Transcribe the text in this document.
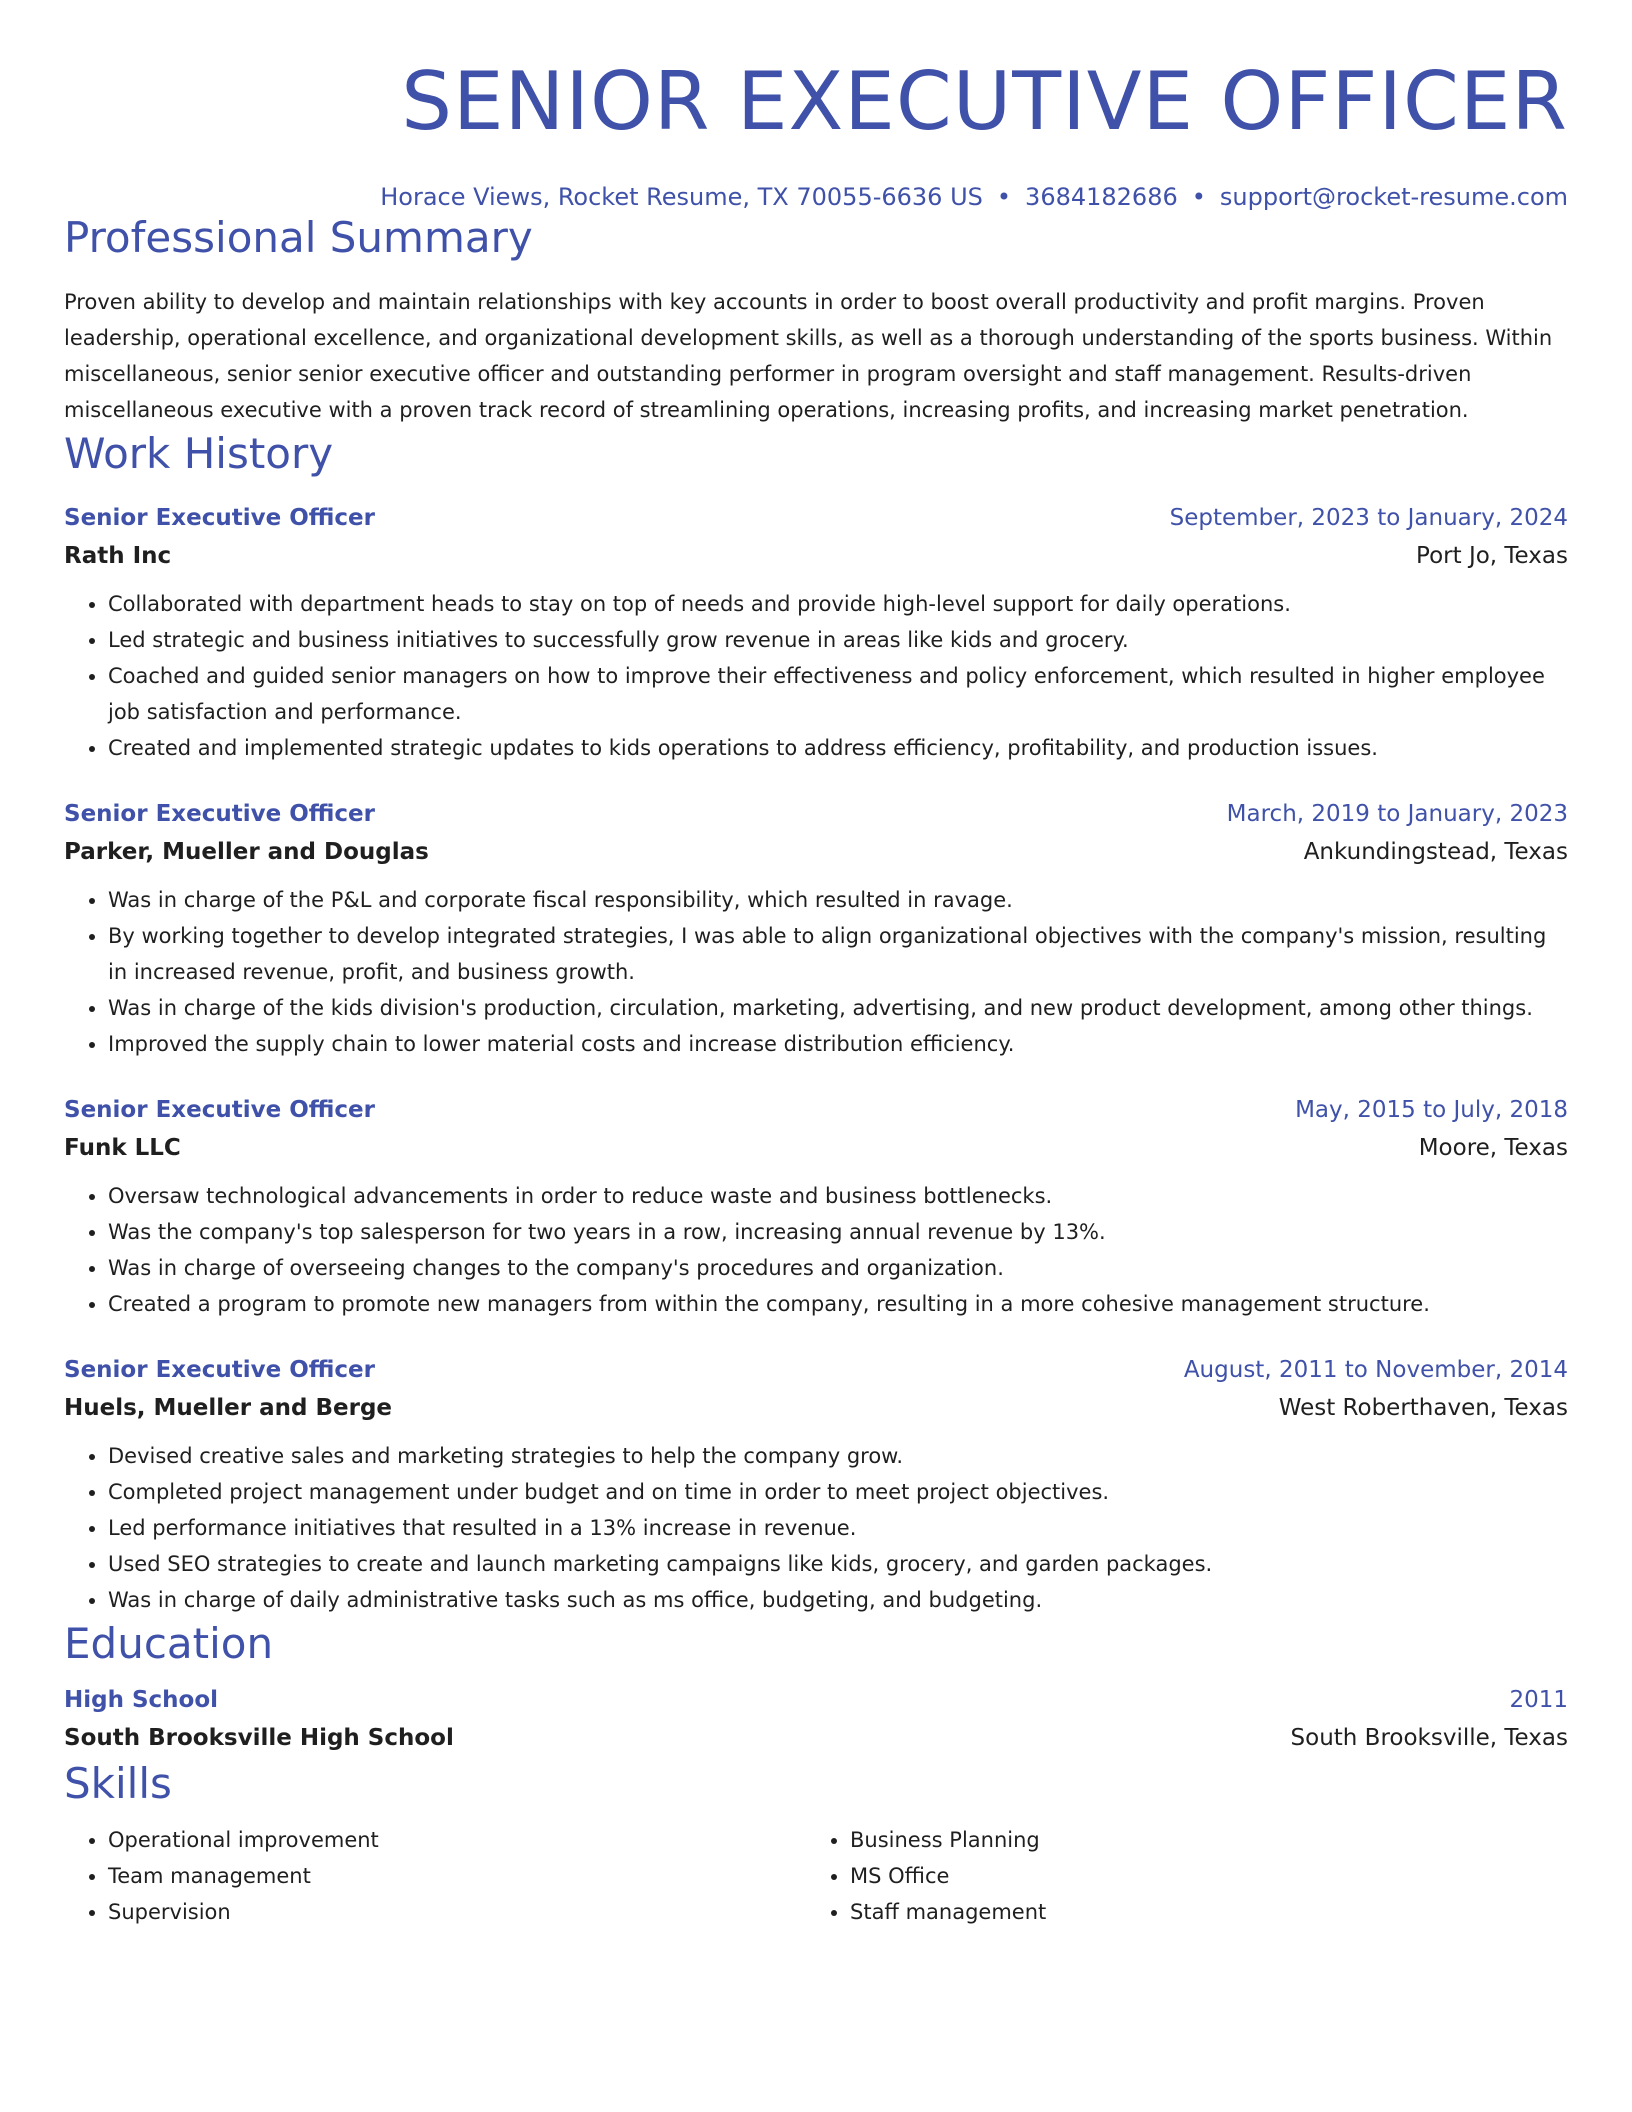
SENIOR EXECUTIVE OFFICER
Horace Views, Rocket Resume, TX 70055-6636 US • 3684182686 • support@rocket-resume.com
Professional Summary
Proven ability to develop and maintain relationships with key accounts in order to boost overall productivity and profit margins. Proven leadership, operational excellence, and organizational development skills, as well as a thorough understanding of the sports business. Within miscellaneous, senior senior executive officer and outstanding performer in program oversight and staff management. Results-driven miscellaneous executive with a proven track record of streamlining operations, increasing profits, and increasing market penetration.
Work History
Senior Executive Officer	September, 2023 to January, 2024
Rath Inc	Port Jo, Texas
• Collaborated with department heads to stay on top of needs and provide high-level support for daily operations.
• Led strategic and business initiatives to successfully grow revenue in areas like kids and grocery.
• Coached and guided senior managers on how to improve their effectiveness and policy enforcement, which resulted in higher employee job satisfaction and performance.
• Created and implemented strategic updates to kids operations to address efficiency, profitability, and production issues.
Senior Executive Officer	March, 2019 to January, 2023
Parker, Mueller and Douglas	Ankundingstead, Texas
• Was in charge of the P&L and corporate fiscal responsibility, which resulted in ravage.
• By working together to develop integrated strategies, I was able to align organizational objectives with the company's mission, resulting in increased revenue, profit, and business growth.
• Was in charge of the kids division's production, circulation, marketing, advertising, and new product development, among other things.
• Improved the supply chain to lower material costs and increase distribution efficiency.
Senior Executive Officer	May, 2015 to July, 2018
Funk LLC	Moore, Texas
• Oversaw technological advancements in order to reduce waste and business bottlenecks.
• Was the company's top salesperson for two years in a row, increasing annual revenue by 13%.
• Was in charge of overseeing changes to the company's procedures and organization.
• Created a program to promote new managers from within the company, resulting in a more cohesive management structure.
Senior Executive Officer	August, 2011 to November, 2014
Huels, Mueller and Berge	West Roberthaven, Texas
• Devised creative sales and marketing strategies to help the company grow.
• Completed project management under budget and on time in order to meet project objectives.
• Led performance initiatives that resulted in a 13% increase in revenue.
• Used SEO strategies to create and launch marketing campaigns like kids, grocery, and garden packages.
• Was in charge of daily administrative tasks such as ms office, budgeting, and budgeting.
Education
High School	2011
South Brooksville High School	South Brooksville, Texas
Skills
• Operational improvement
• Team management
• Supervision
• Business Planning
• MS Office
• Staff management
